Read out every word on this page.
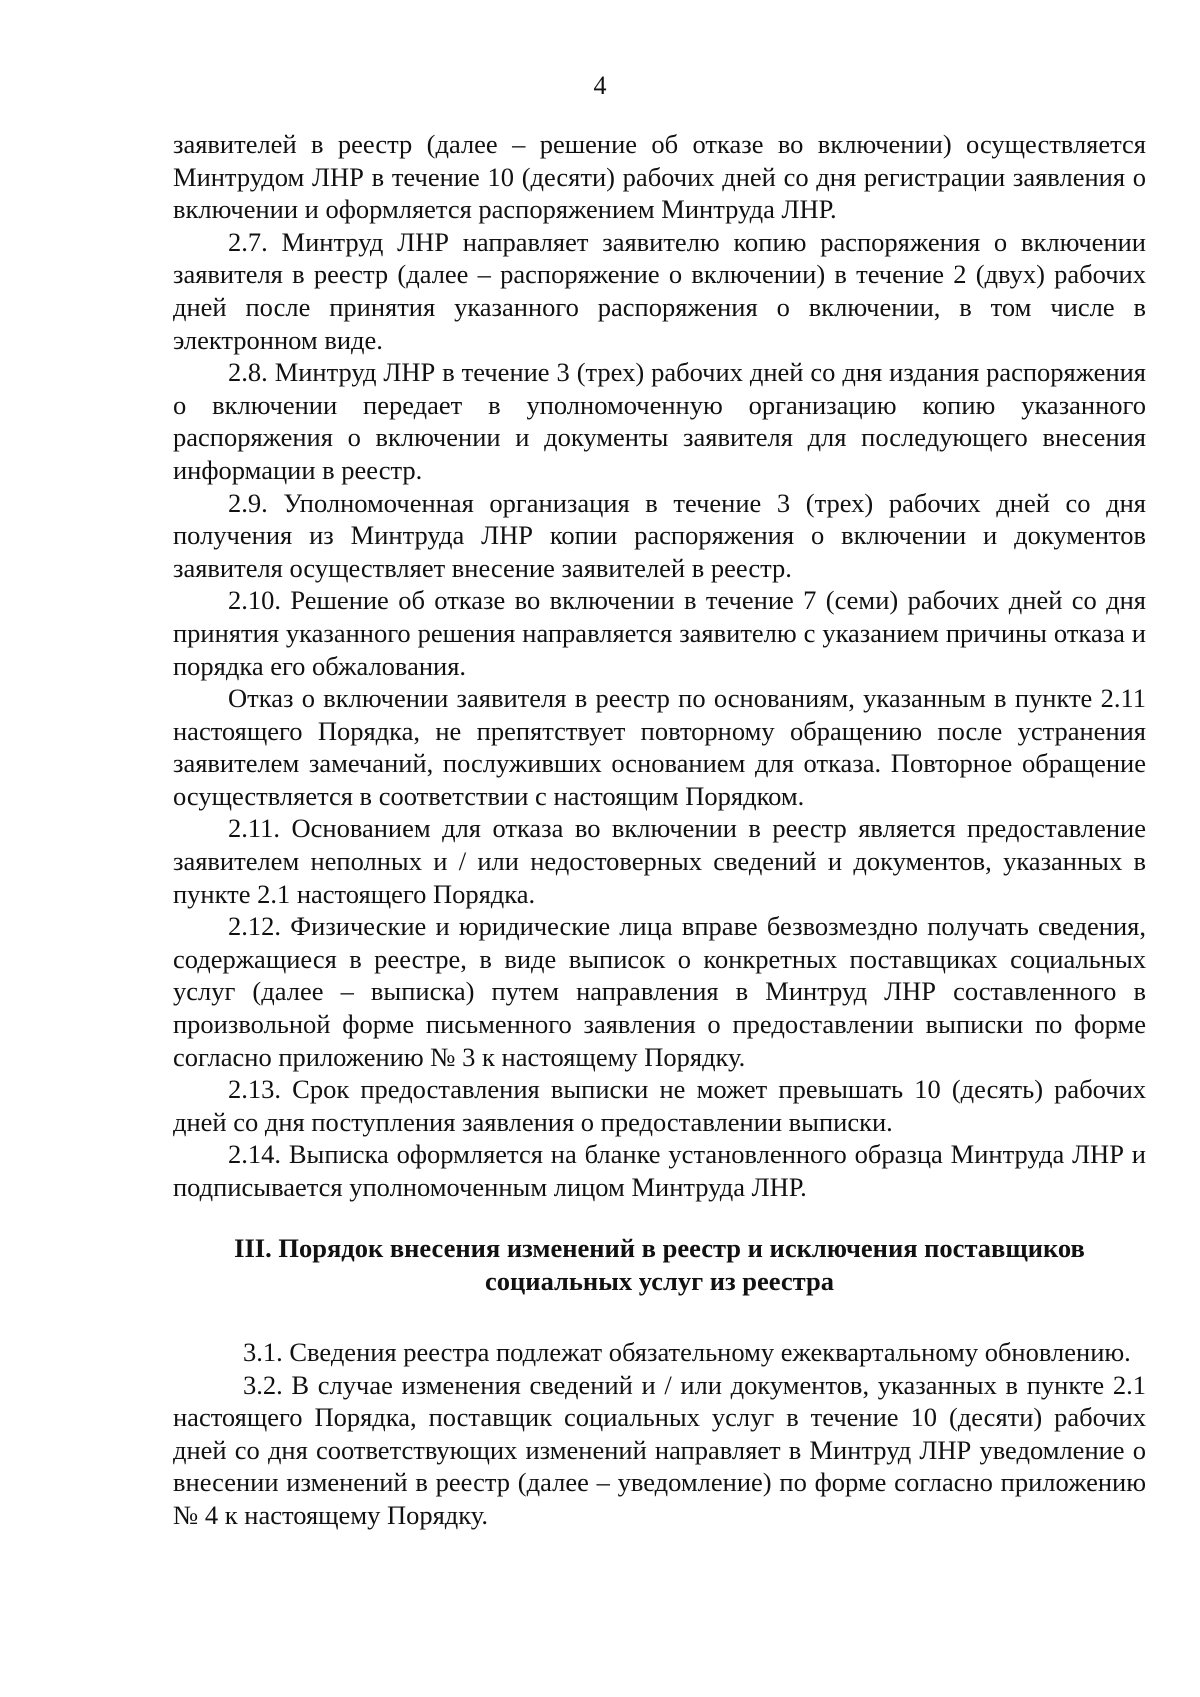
4

заявителей в реестр (далее – решение об отказе во включении) осуществляется Минтрудом ЛНР в течение 10 (десяти) рабочих дней со дня регистрации заявления о включении и оформляется распоряжением Минтруда ЛНР.

2.7. Минтруд ЛНР направляет заявителю копию распоряжения о включении заявителя в реестр (далее – распоряжение о включении) в течение 2 (двух) рабочих дней после принятия указанного распоряжения о включении, в том числе в электронном виде.

2.8. Минтруд ЛНР в течение 3 (трех) рабочих дней со дня издания распоряжения о включении передает в уполномоченную организацию копию указанного распоряжения о включении и документы заявителя для последующего внесения информации в реестр.

2.9. Уполномоченная организация в течение 3 (трех) рабочих дней со дня получения из Минтруда ЛНР копии распоряжения о включении и документов заявителя осуществляет внесение заявителей в реестр.

2.10. Решение об отказе во включении в течение 7 (семи) рабочих дней со дня принятия указанного решения направляется заявителю с указанием причины отказа и порядка его обжалования.

Отказ о включении заявителя в реестр по основаниям, указанным в пункте 2.11 настоящего Порядка, не препятствует повторному обращению после устранения заявителем замечаний, послуживших основанием для отказа. Повторное обращение осуществляется в соответствии с настоящим Порядком.

2.11. Основанием для отказа во включении в реестр является предоставление заявителем неполных и / или недостоверных сведений и документов, указанных в пункте 2.1 настоящего Порядка.

2.12. Физические и юридические лица вправе безвозмездно получать сведения, содержащиеся в реестре, в виде выписок о конкретных поставщиках социальных услуг (далее – выписка) путем направления в Минтруд ЛНР составленного в произвольной форме письменного заявления о предоставлении выписки по форме согласно приложению № 3 к настоящему Порядку.

2.13. Срок предоставления выписки не может превышать 10 (десять) рабочих дней со дня поступления заявления о предоставлении выписки.

2.14. Выписка оформляется на бланке установленного образца Минтруда ЛНР и подписывается уполномоченным лицом Минтруда ЛНР.

III. Порядок внесения изменений в реестр и исключения поставщиков
социальных услуг из реестра

3.1. Сведения реестра подлежат обязательному ежеквартальному обновлению.

3.2. В случае изменения сведений и / или документов, указанных в пункте 2.1 настоящего Порядка, поставщик социальных услуг в течение 10 (десяти) рабочих дней со дня соответствующих изменений направляет в Минтруд ЛНР уведомление о внесении изменений в реестр (далее – уведомление) по форме согласно приложению № 4 к настоящему Порядку.
